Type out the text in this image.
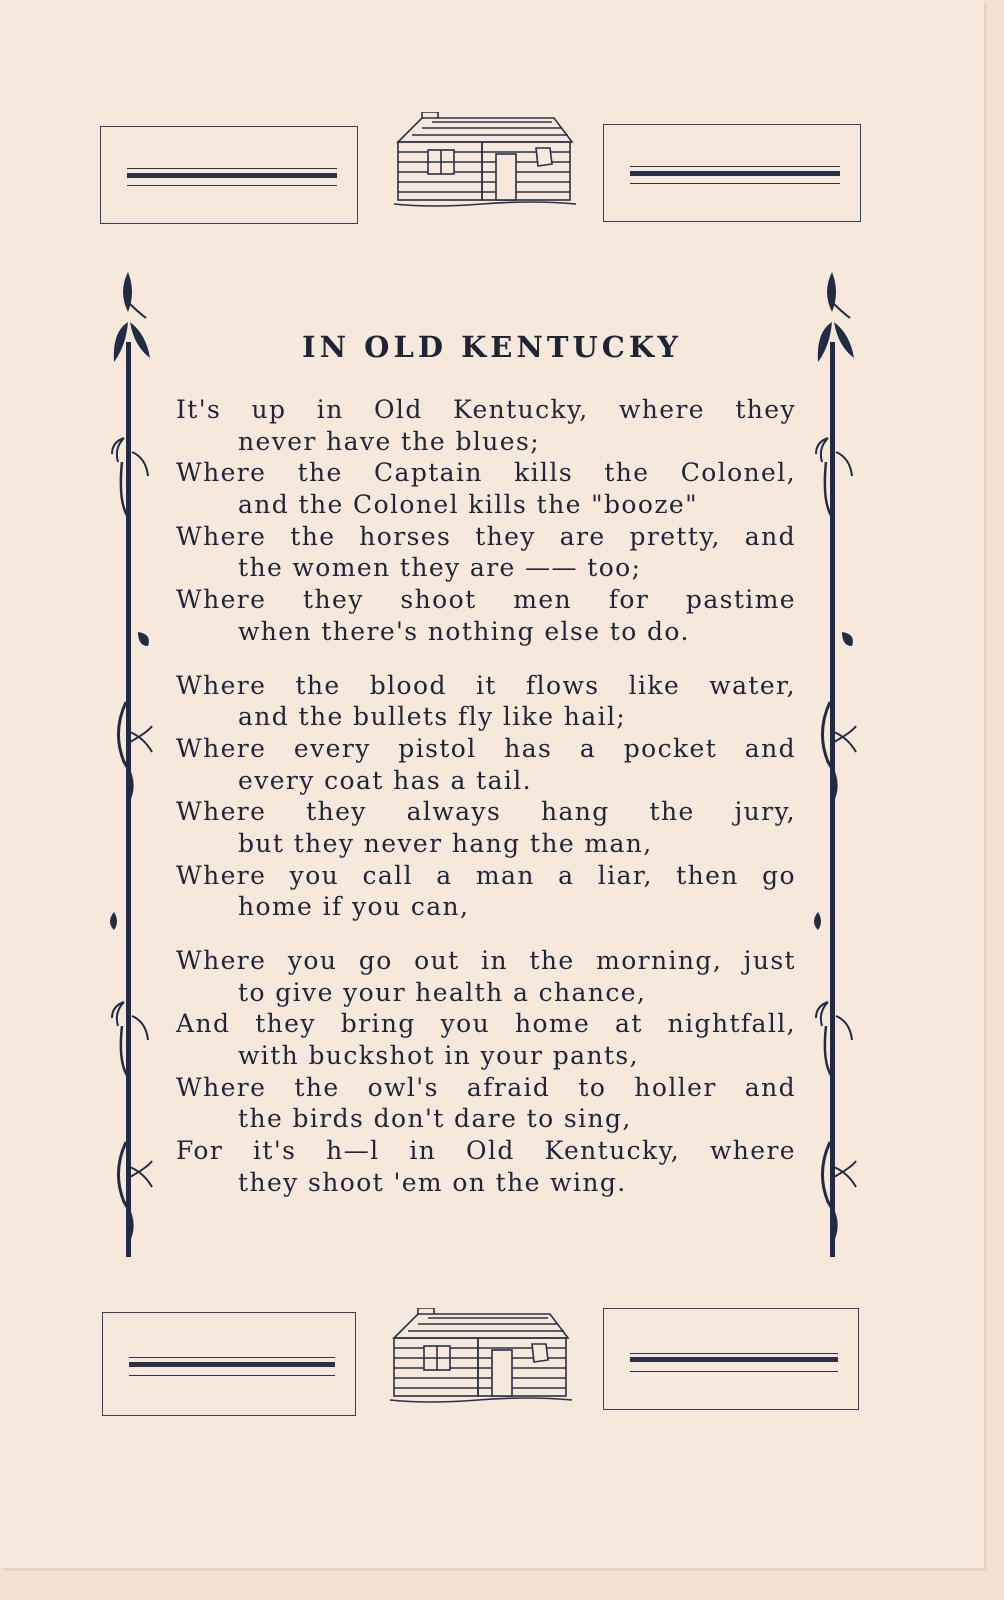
IN OLD KENTUCKY
It's up in Old Kentucky, where they
never have the blues;
Where the Captain kills the Colonel,
and the Colonel kills the "booze"
Where the horses they are pretty, and
the women they are —— too;
Where they shoot men for pastime
when there's nothing else to do.
Where the blood it flows like water,
and the bullets fly like hail;
Where every pistol has a pocket and
every coat has a tail.
Where they always hang the jury,
but they never hang the man,
Where you call a man a liar, then go
home if you can,
Where you go out in the morning, just
to give your health a chance,
And they bring you home at nightfall,
with buckshot in your pants,
Where the owl's afraid to holler and
the birds don't dare to sing,
For it's h—l in Old Kentucky, where
they shoot 'em on the wing.
